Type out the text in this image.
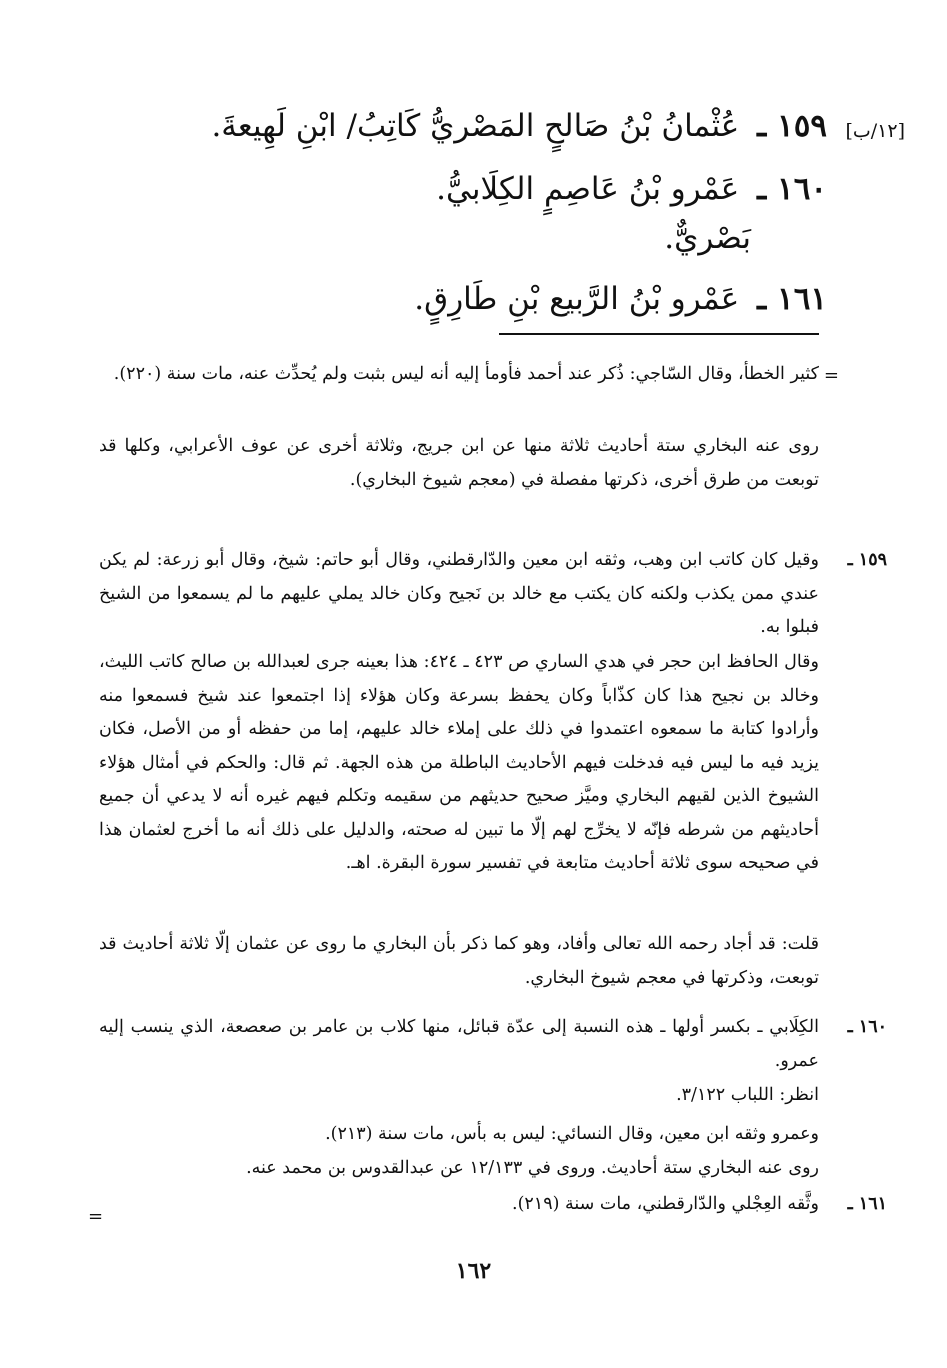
[١٢/ب]
١٥٩ ـ عُثْمانُ بْنُ صَالحٍ المَصْريُّ كَاتِبُ/ ابْنِ لَهِيعةَ.
١٦٠ ـ عَمْرو بْنُ عَاصِمٍ الكِلَابيُّ.
بَصْريٌّ.
١٦١ ـ عَمْرو بْنُ الرَّبيع بْنِ طَارِقٍ.
=
كثير الخطأ، وقال السّاجي: ذُكر عند أحمد فأومأ إليه أنه ليس بثبت ولم يُحدِّث عنه، مات سنة (٢٢٠).
روى عنه البخاري ستة أحاديث ثلاثة منها عن ابن جريج، وثلاثة أخرى عن عوف الأعرابي، وكلها قد توبعت من طرق أخرى، ذكرتها مفصلة في (معجم شيوخ البخاري).
١٥٩ ـ
وقيل كان كاتب ابن وهب، وثقه ابن معين والدّارقطني، وقال أبو حاتم: شيخ، وقال أبو زرعة: لم يكن عندي ممن يكذب ولكنه كان يكتب مع خالد بن نَجيح وكان خالد يملي عليهم ما لم يسمعوا من الشيخ فبلوا به.
وقال الحافظ ابن حجر في هدي الساري ص ٤٢٣ ـ ٤٢٤: هذا بعينه جرى لعبدالله بن صالح كاتب الليث، وخالد بن نجيح هذا كان كذّاباً وكان يحفظ بسرعة وكان هؤلاء إذا اجتمعوا عند شيخ فسمعوا منه وأرادوا كتابة ما سمعوه اعتمدوا في ذلك على إملاء خالد عليهم، إما من حفظه أو من الأصل، فكان يزيد فيه ما ليس فيه فدخلت فيهم الأحاديث الباطلة من هذه الجهة. ثم قال: والحكم في أمثال هؤلاء الشيوخ الذين لقيهم البخاري وميَّز صحيح حديثهم من سقيمه وتكلم فيهم غيره أنه لا يدعي أن جميع أحاديثهم من شرطه فإنّه لا يخرِّج لهم إلّا ما تبين له صحته، والدليل على ذلك أنه ما أخرج لعثمان هذا في صحيحه سوى ثلاثة أحاديث متابعة في تفسير سورة البقرة. اهـ.
قلت: قد أجاد رحمه الله تعالى وأفاد، وهو كما ذكر بأن البخاري ما روى عن عثمان إلّا ثلاثة أحاديث قد توبعت، وذكرتها في معجم شيوخ البخاري.
١٦٠ ـ
الكِلَابي ـ بكسر أولها ـ هذه النسبة إلى عدّة قبائل، منها كلاب بن عامر بن صعصعة، الذي ينسب إليه عمرو.
انظر: اللباب ٣/١٢٢.
وعمرو وثقه ابن معين، وقال النسائي: ليس به بأس، مات سنة (٢١٣).
روى عنه البخاري ستة أحاديث. وروى في ١٢/١٣٣ عن عبدالقدوس بن محمد عنه.
١٦١ ـ
وثَّقه العِجْلي والدّارقطني، مات سنة (٢١٩).
=
١٦٢
